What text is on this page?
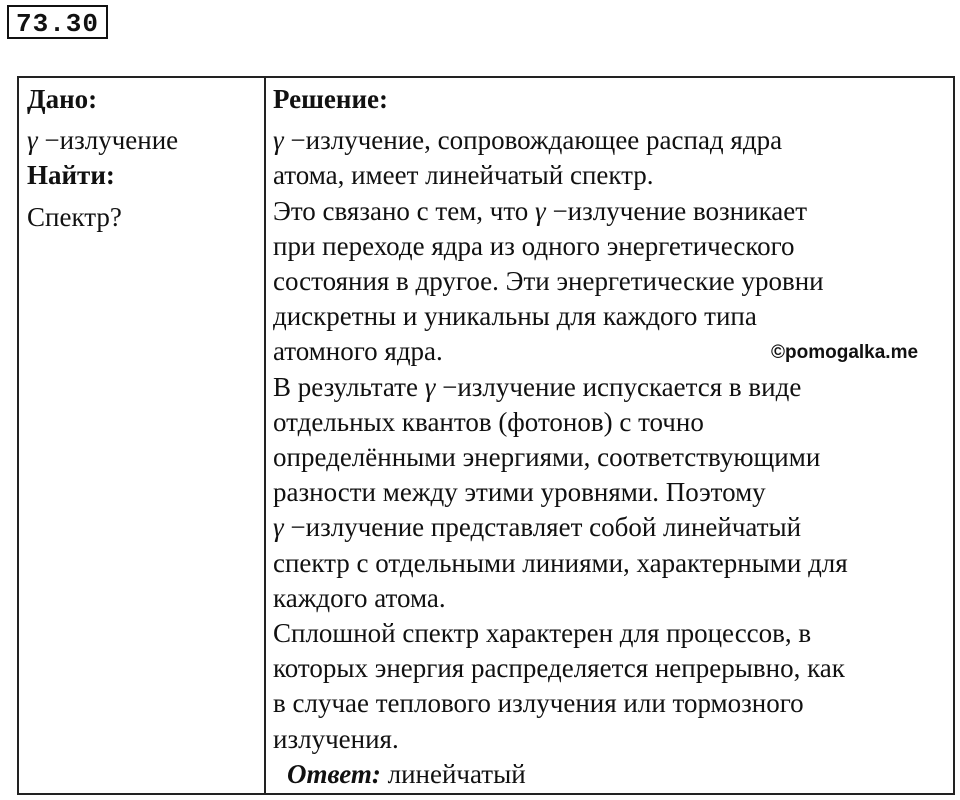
73.30
Дано:
γ −излучение
Найти:
Спектр?
Решение:
γ −излучение, сопровождающее распад ядра
атома, имеет линейчатый спектр.
Это связано с тем, что γ −излучение возникает
при переходе ядра из одного энергетического
состояния в другое. Эти энергетические уровни
дискретны и уникальны для каждого типа
атомного ядра.
В результате γ −излучение испускается в виде
отдельных квантов (фотонов) с точно
определёнными энергиями, соответствующими
разности между этими уровнями. Поэтому
γ −излучение представляет собой линейчатый
спектр с отдельными линиями, характерными для
каждого атома.
Сплошной спектр характерен для процессов, в
которых энергия распределяется непрерывно, как
в случае теплового излучения или тормозного
излучения.
Ответ: линейчатый
©pomogalka.me
